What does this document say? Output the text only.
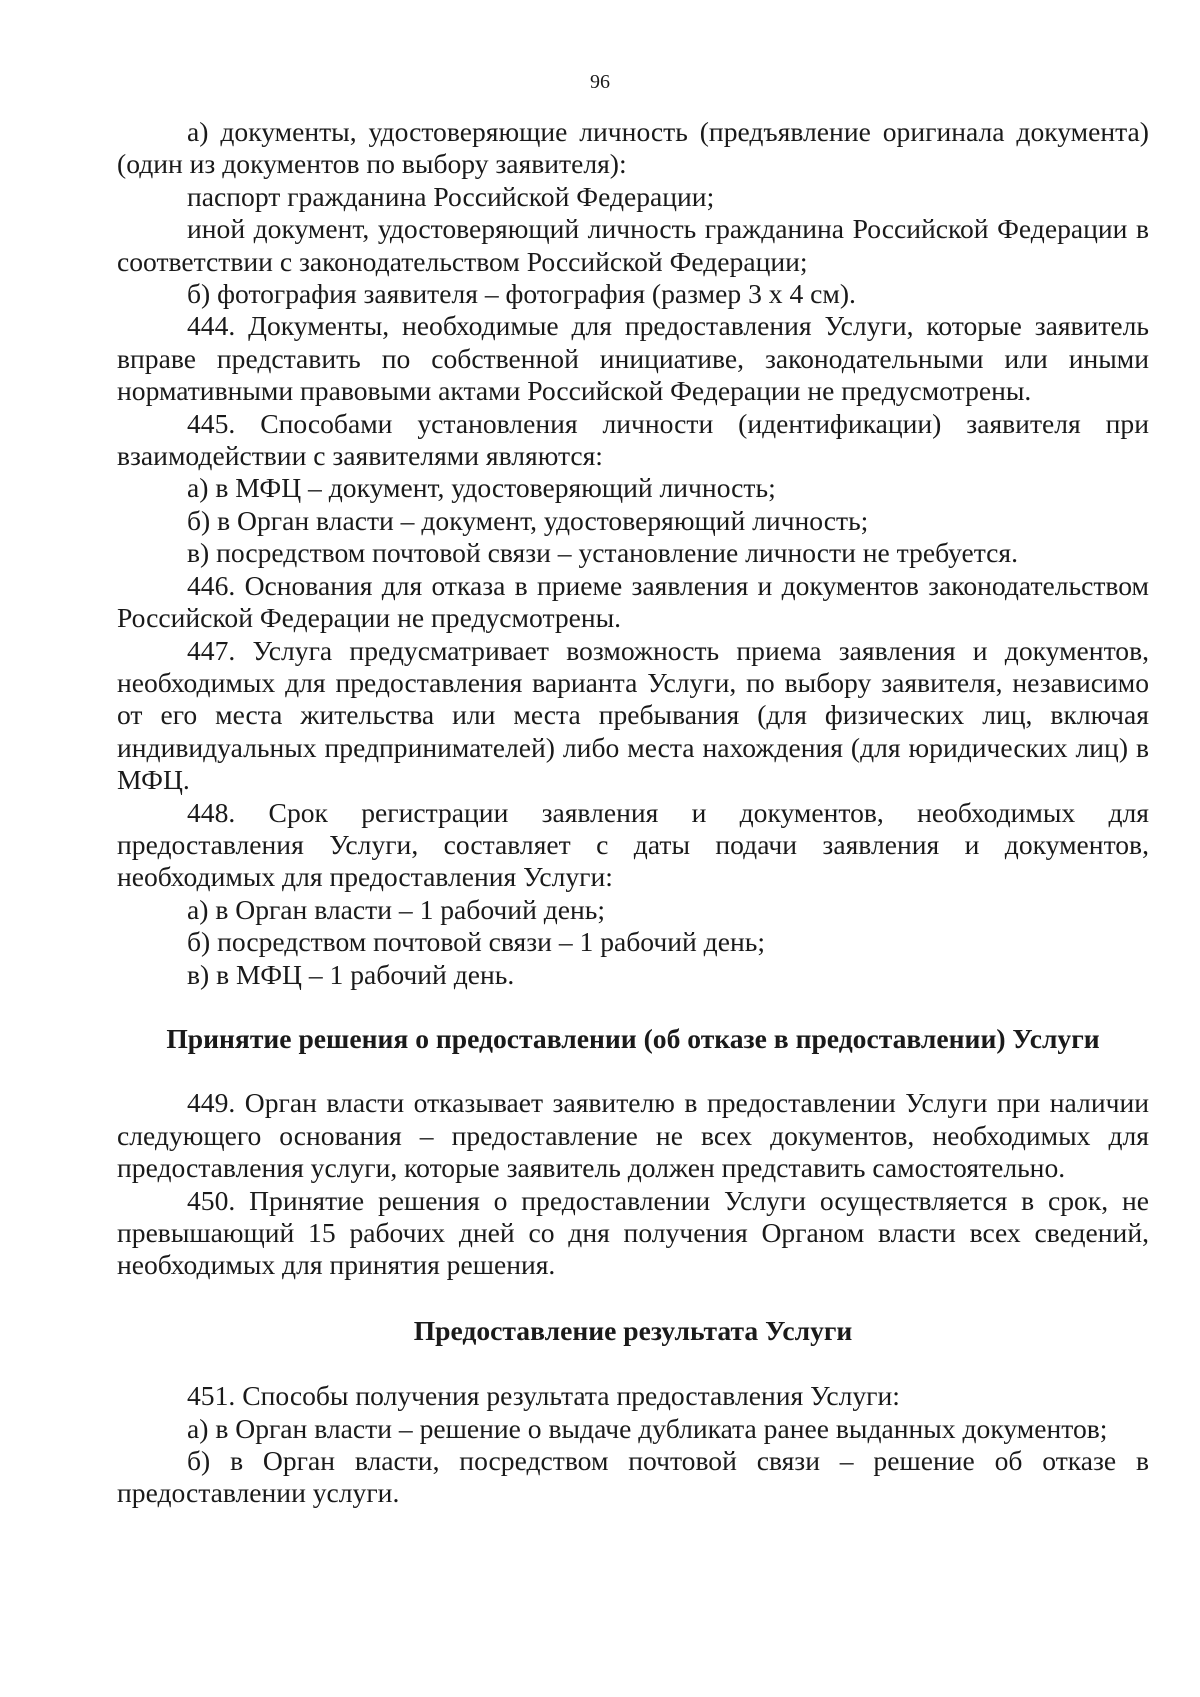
96

а) документы, удостоверяющие личность (предъявление оригинала документа) (один из документов по выбору заявителя):

паспорт гражданина Российской Федерации;

иной документ, удостоверяющий личность гражданина Российской Федерации в соответствии с законодательством Российской Федерации;

б) фотография заявителя – фотография (размер 3 х 4 см).

444. Документы, необходимые для предоставления Услуги, которые заявитель вправе представить по собственной инициативе, законодательными или иными нормативными правовыми актами Российской Федерации не предусмотрены.

445. Способами установления личности (идентификации) заявителя при взаимодействии с заявителями являются:

а) в МФЦ – документ, удостоверяющий личность;

б) в Орган власти – документ, удостоверяющий личность;

в) посредством почтовой связи – установление личности не требуется.

446. Основания для отказа в приеме заявления и документов законодательством Российской Федерации не предусмотрены.

447. Услуга предусматривает возможность приема заявления и документов, необходимых для предоставления варианта Услуги, по выбору заявителя, независимо от его места жительства или места пребывания (для физических лиц, включая индивидуальных предпринимателей) либо места нахождения (для юридических лиц) в МФЦ.

448. Срок регистрации заявления и документов, необходимых для предоставления Услуги, составляет с даты подачи заявления и документов, необходимых для предоставления Услуги:

а) в Орган власти – 1 рабочий день;

б) посредством почтовой связи – 1 рабочий день;

в) в МФЦ – 1 рабочий день.

Принятие решения о предоставлении (об отказе в предоставлении) Услуги

449. Орган власти отказывает заявителю в предоставлении Услуги при наличии следующего основания – предоставление не всех документов, необходимых для предоставления услуги, которые заявитель должен представить самостоятельно.

450. Принятие решения о предоставлении Услуги осуществляется в срок, не превышающий 15 рабочих дней со дня получения Органом власти всех сведений, необходимых для принятия решения.

Предоставление результата Услуги

451. Способы получения результата предоставления Услуги:

а) в Орган власти – решение о выдаче дубликата ранее выданных документов;

б) в Орган власти, посредством почтовой связи – решение об отказе в предоставлении услуги.
